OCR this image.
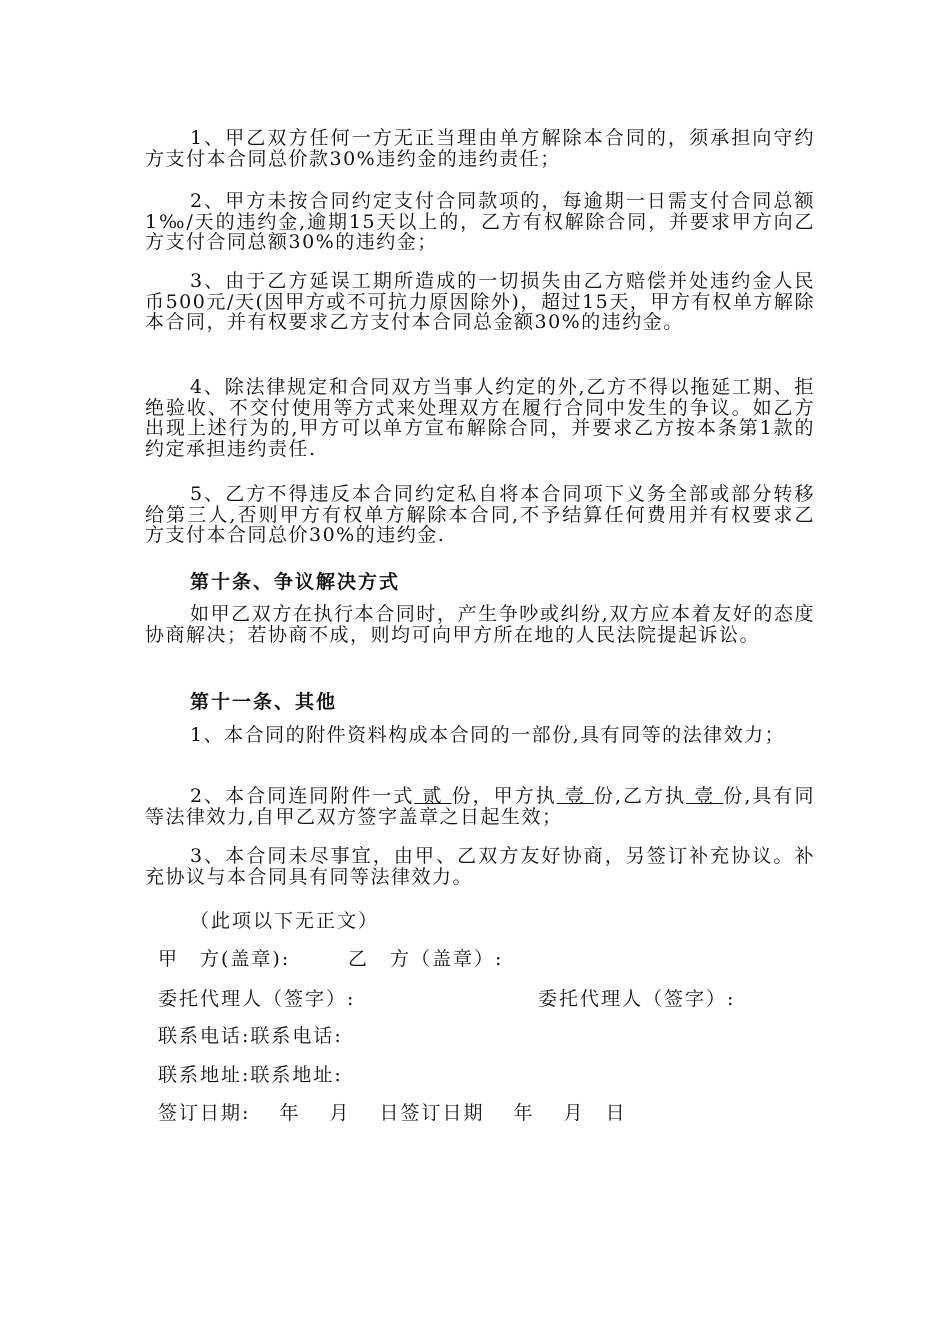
1、甲乙双方任何一方无正当理由单方解除本合同的，须承担向守约方支付本合同总价款30%违约金的违约责任；

2、甲方未按合同约定支付合同款项的，每逾期一日需支付合同总额1‰/天的违约金,逾期15天以上的，乙方有权解除合同，并要求甲方向乙方支付合同总额30%的违约金；

3、由于乙方延误工期所造成的一切损失由乙方赔偿并处违约金人民币500元/天(因甲方或不可抗力原因除外)，超过15天，甲方有权单方解除本合同，并有权要求乙方支付本合同总金额30%的违约金。

4、除法律规定和合同双方当事人约定的外,乙方不得以拖延工期、拒绝验收、不交付使用等方式来处理双方在履行合同中发生的争议。如乙方出现上述行为的,甲方可以单方宣布解除合同，并要求乙方按本条第1款的约定承担违约责任.

5、乙方不得违反本合同约定私自将本合同项下义务全部或部分转移给第三人,否则甲方有权单方解除本合同,不予结算任何费用并有权要求乙方支付本合同总价30%的违约金.

第十条、争议解决方式

如甲乙双方在执行本合同时，产生争吵或纠纷,双方应本着友好的态度协商解决；若协商不成，则均可向甲方所在地的人民法院提起诉讼。

第十一条、其他

1、本合同的附件资料构成本合同的一部份,具有同等的法律效力；

2、本合同连同附件一式 贰 份，甲方执 壹 份,乙方执 壹 份,具有同等法律效力,自甲乙双方签字盖章之日起生效；

3、本合同未尽事宜，由甲、乙双方友好协商，另签订补充协议。补充协议与本合同具有同等法律效力。

（此项以下无正文）

甲　方(盖章):	乙　方（盖章）:

委托代理人（签字）:	委托代理人（签字）:

联系电话:联系电话:

联系地址:联系地址:

签订日期:　 年　 月　 日签订日期　 年　 月　日
